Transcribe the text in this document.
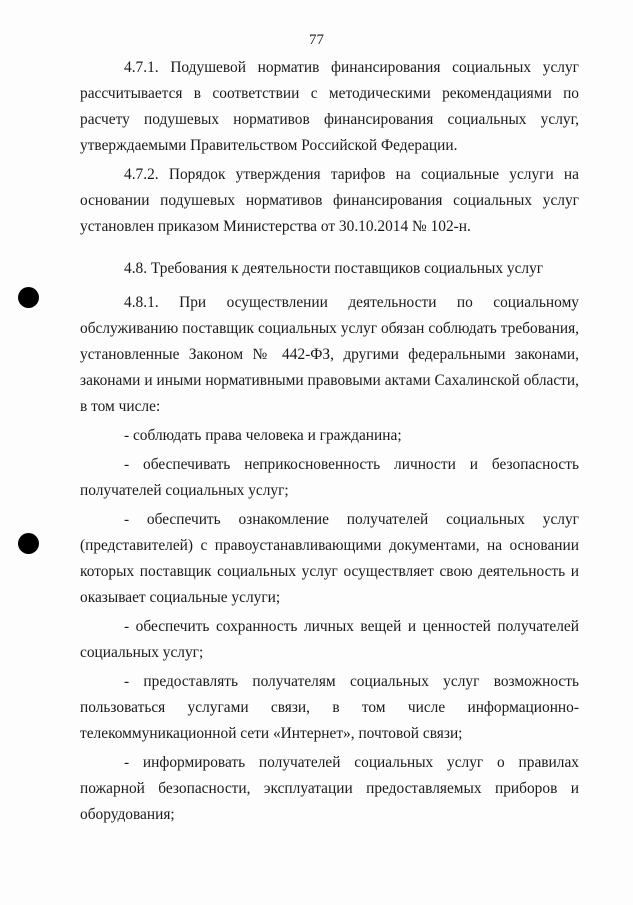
77

4.7.1. Подушевой норматив финансирования социальных услуг рассчитывается в соответствии с методическими рекомендациями по расчету подушевых нормативов финансирования социальных услуг, утверждаемыми Правительством Российской Федерации.

4.7.2. Порядок утверждения тарифов на социальные услуги на основании подушевых нормативов финансирования социальных услуг установлен приказом Министерства от 30.10.2014 № 102-н.

4.8. Требования к деятельности поставщиков социальных услуг

4.8.1. При осуществлении деятельности по социальному обслуживанию поставщик социальных услуг обязан соблюдать требования, установленные Законом № 442-ФЗ, другими федеральными законами, законами и иными нормативными правовыми актами Сахалинской области, в том числе:

- соблюдать права человека и гражданина;

- обеспечивать неприкосновенность личности и безопасность получателей социальных услуг;

- обеспечить ознакомление получателей социальных услуг (представителей) с правоустанавливающими документами, на основании которых поставщик социальных услуг осуществляет свою деятельность и оказывает социальные услуги;

- обеспечить сохранность личных вещей и ценностей получателей социальных услуг;

- предоставлять получателям социальных услуг возможность пользоваться услугами связи, в том числе информационно-телекоммуникационной сети «Интернет», почтовой связи;

- информировать получателей социальных услуг о правилах пожарной безопасности, эксплуатации предоставляемых приборов и оборудования;
